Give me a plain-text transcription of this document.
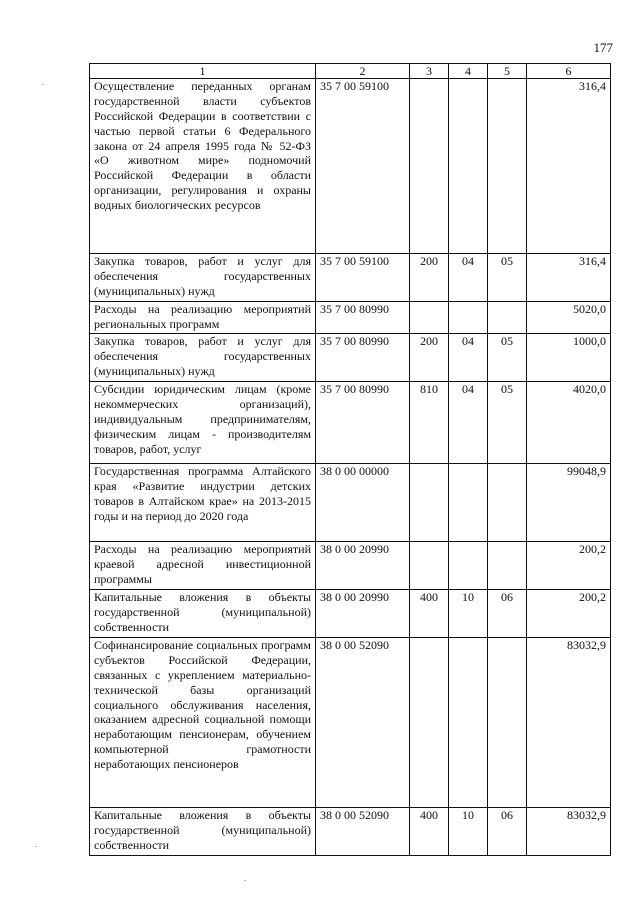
177
1	2	3	4	5	6
Осуществление переданных органам государственной власти субъектов Российской Федерации в соответствии с частью первой статьи 6 Федерального закона от 24 апреля 1995 года № 52-ФЗ «О животном мире» подномочий Российской Федерации в области организации, регулирования и охраны водных биологических ресурсов	35 7 00 59100				316,4
Закупка товаров, работ и услуг для обеспечения государственных (муниципальных) нужд	35 7 00 59100	200	04	05	316,4
Расходы на реализацию мероприятий региональных программ	35 7 00 80990				5020,0
Закупка товаров, работ и услуг для обеспечения государственных (муниципальных) нужд	35 7 00 80990	200	04	05	1000,0
Субсидии юридическим лицам (кроме некоммерческих организаций), индивидуальным предпринимателям, физическим лицам - производителям товаров, работ, услуг	35 7 00 80990	810	04	05	4020,0
Государственная программа Алтайского края «Развитие индустрии детских товаров в Алтайском крае» на 2013-2015 годы и на период до 2020 года	38 0 00 00000				99048,9
Расходы на реализацию мероприятий краевой адресной инвестиционной программы	38 0 00 20990				200,2
Капитальные вложения в объекты государственной (муниципальной) собственности	38 0 00 20990	400	10	06	200,2
Софинансирование социальных программ субъектов Российской Федерации, связанных с укреплением материально-технической базы организаций социального обслуживания населения, оказанием адресной социальной помощи неработающим пенсионерам, обучением компьютерной грамотности неработающих пенсионеров	38 0 00 52090				83032,9
Капитальные вложения в объекты государственной (муниципальной) собственности	38 0 00 52090	400	10	06	83032,9
